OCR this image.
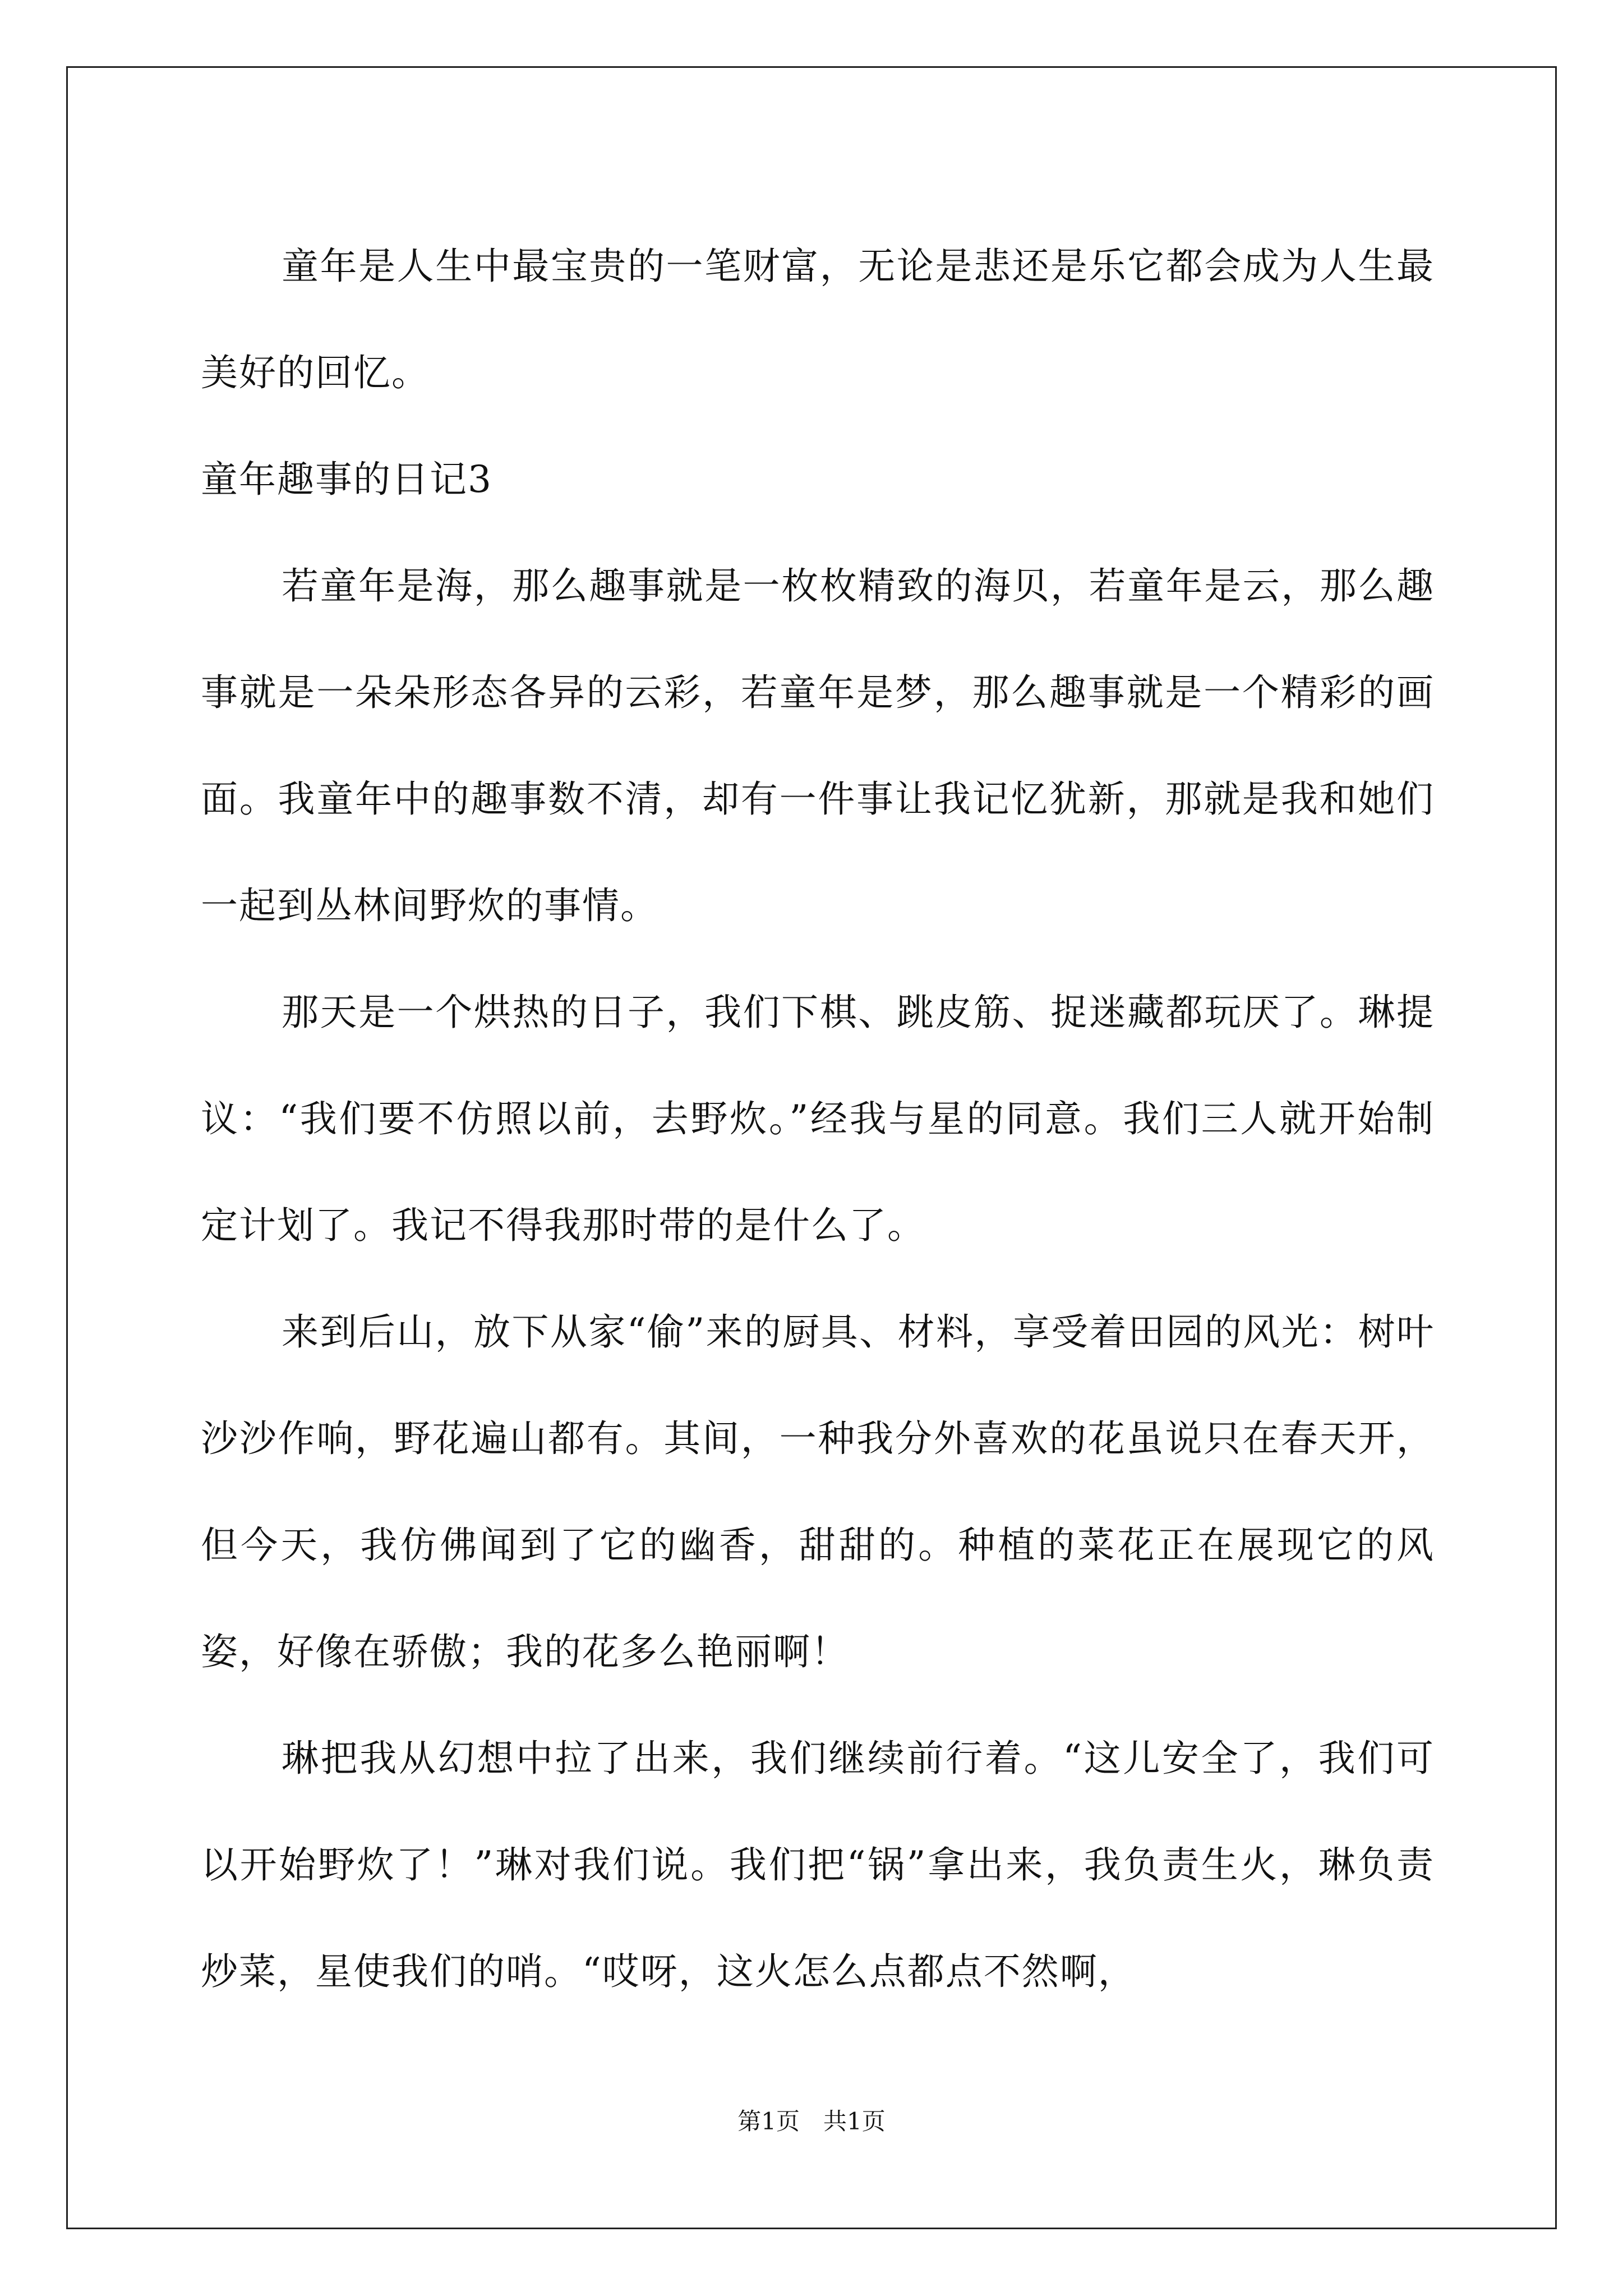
童年是人生中最宝贵的一笔财富，无论是悲还是乐它都会成为人生最美好的回忆。

童年趣事的日记3

若童年是海，那么趣事就是一枚枚精致的海贝，若童年是云，那么趣事就是一朵朵形态各异的云彩，若童年是梦，那么趣事就是一个精彩的画面。我童年中的趣事数不清，却有一件事让我记忆犹新，那就是我和她们一起到丛林间野炊的事情。

那天是一个烘热的日子，我们下棋、跳皮筋、捉迷藏都玩厌了。琳提议：“我们要不仿照以前，去野炊。”经我与星的同意。我们三人就开始制定计划了。我记不得我那时带的是什么了。

来到后山，放下从家“偷”来的厨具、材料，享受着田园的风光：树叶沙沙作响，野花遍山都有。其间，一种我分外喜欢的花虽说只在春天开，但今天，我仿佛闻到了它的幽香，甜甜的。种植的菜花正在展现它的风姿，好像在骄傲；我的花多么艳丽啊！

琳把我从幻想中拉了出来，我们继续前行着。“这儿安全了，我们可以开始野炊了！”琳对我们说。我们把“锅”拿出来，我负责生火，琳负责炒菜，星使我们的哨。“哎呀，这火怎么点都点不然啊，

第1页　共1页
